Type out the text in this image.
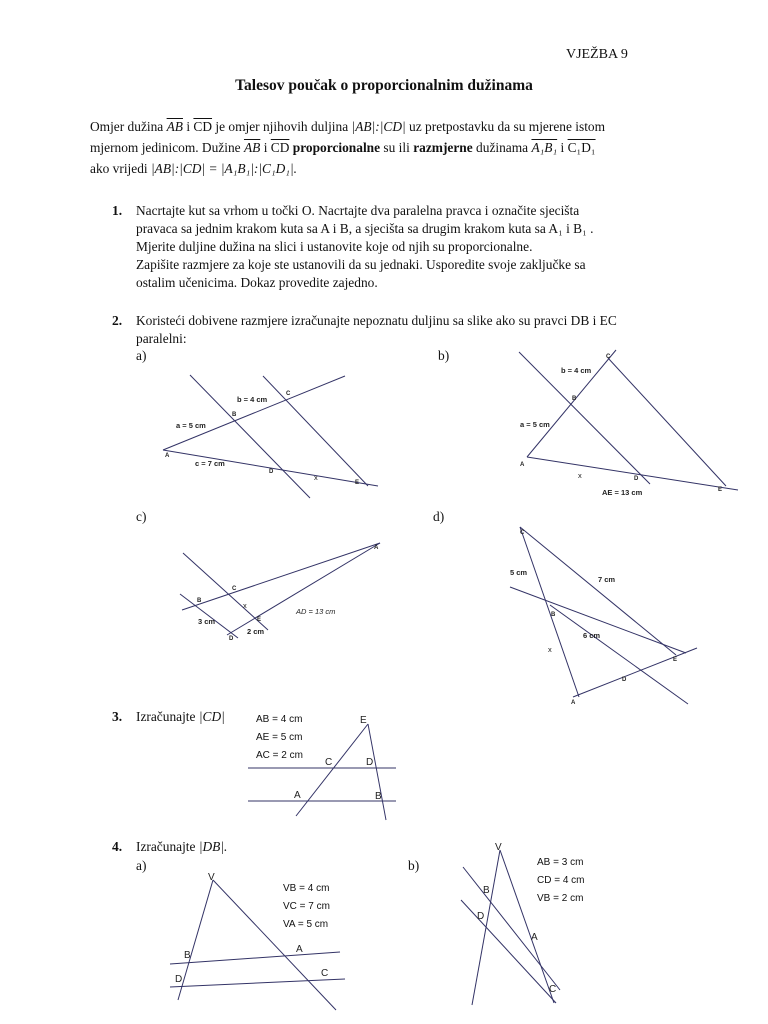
VJEŽBA 9
Talesov poučak o proporcionalnim dužinama
Omjer dužina $\overline{AB}$ i $\overline{CD}$ je omjer njihovih duljina |AB|:|CD| uz pretpostavku da su mjerene istom
mjernom jedinicom. Dužine $\overline{AB}$ i $\overline{CD}$ proporcionalne su ili razmjerne dužinama A₁B₁ i C₁D₁
ako vrijedi |AB|:|CD| = |A₁B₁|:|C₁D₁|.
1. Nacrtajte kut sa vrhom u točki O. Nacrtajte dva paralelna pravca i označite sjecišta
pravaca sa jednim krakom kuta sa A i B, a sjecišta sa drugim krakom kuta sa A₁ i B₁ .
Mjerite duljine dužina na slici i ustanovite koje od njih su proporcionalne.
Zapišite razmjere za koje ste ustanovili da su jednaki. Usporedite svoje zaključke sa
ostalim učenicima. Dokaz provedite zajedno.
2. Koristeći dobivene razmjere izračunajte nepoznatu duljinu sa slike ako su pravci DB i EC
paralelni:
a)	b)
c)	d)
b = 4 cm
a = 5 cm
c = 7 cm
x
A
B
C
D
E
b = 4 cm
a = 5 cm
x
AE = 13 cm
A
B
C
D
E
AD = 13 cm
3 cm
2 cm
x
A
B
C
D
E
5 cm
7 cm
6 cm
x
A
B
C
D
E
3. Izračunajte |CD|	AB = 4 cm
AE = 5 cm
AC = 2 cm
E
C	D
A	B
4. Izračunajte |DB|.
a)	b)
VB = 4 cm
VC = 7 cm
VA = 5 cm
AB = 3 cm
CD = 4 cm
VB = 2 cm
V
A
B
C
D
V
A
B
C
D
